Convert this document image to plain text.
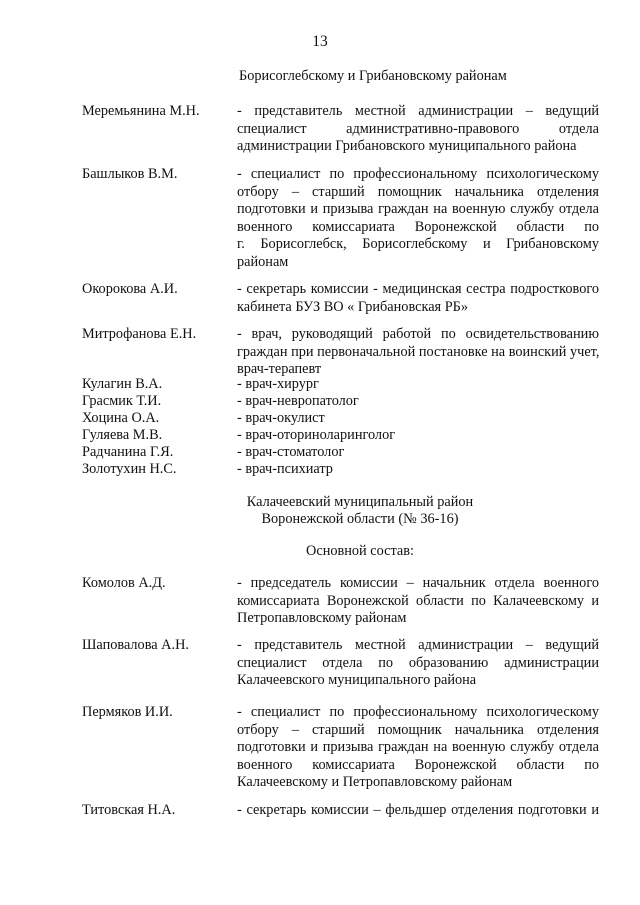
13
Борисоглебскому и Грибановскому районам
Меремьянина М.Н.	- представитель местной администрации – ведущий
специалист административно-правового отдела
администрации Грибановского муниципального района
Башлыков В.М.	- специалист по профессиональному психологическому
отбору – старший помощник начальника отделения
подготовки и призыва граждан на военную службу отдела
военного комиссариата Воронежской области по
г. Борисоглебск, Борисоглебскому и Грибановскому
районам
Окорокова А.И.	- секретарь комиссии - медицинская сестра подросткового
кабинета БУЗ ВО « Грибановская РБ»
Митрофанова Е.Н.	- врач, руководящий работой по освидетельствованию
граждан при первоначальной постановке на воинский учет,
врач-терапевт
Кулагин В.А.	- врач-хирург
Грасмик Т.И.	- врач-невропатолог
Хоцина О.А.	- врач-окулист
Гуляева М.В.	- врач-оториноларинголог
Радчанина Г.Я.	- врач-стоматолог
Золотухин Н.С.	- врач-психиатр
Калачеевский муниципальный район
Воронежской области (№ 36-16)
Основной состав:
Комолов А.Д.	- председатель комиссии – начальник отдела военного
комиссариата Воронежской области по Калачеевскому и
Петропавловскому районам
Шаповалова А.Н.	- представитель местной администрации – ведущий
специалист отдела по образованию администрации
Калачеевского муниципального района
Пермяков И.И.	- специалист по профессиональному психологическому
отбору – старший помощник начальника отделения
подготовки и призыва граждан на военную службу отдела
военного комиссариата Воронежской области по
Калачеевскому и Петропавловскому районам
Титовская Н.А.	- секретарь комиссии – фельдшер отделения подготовки и
